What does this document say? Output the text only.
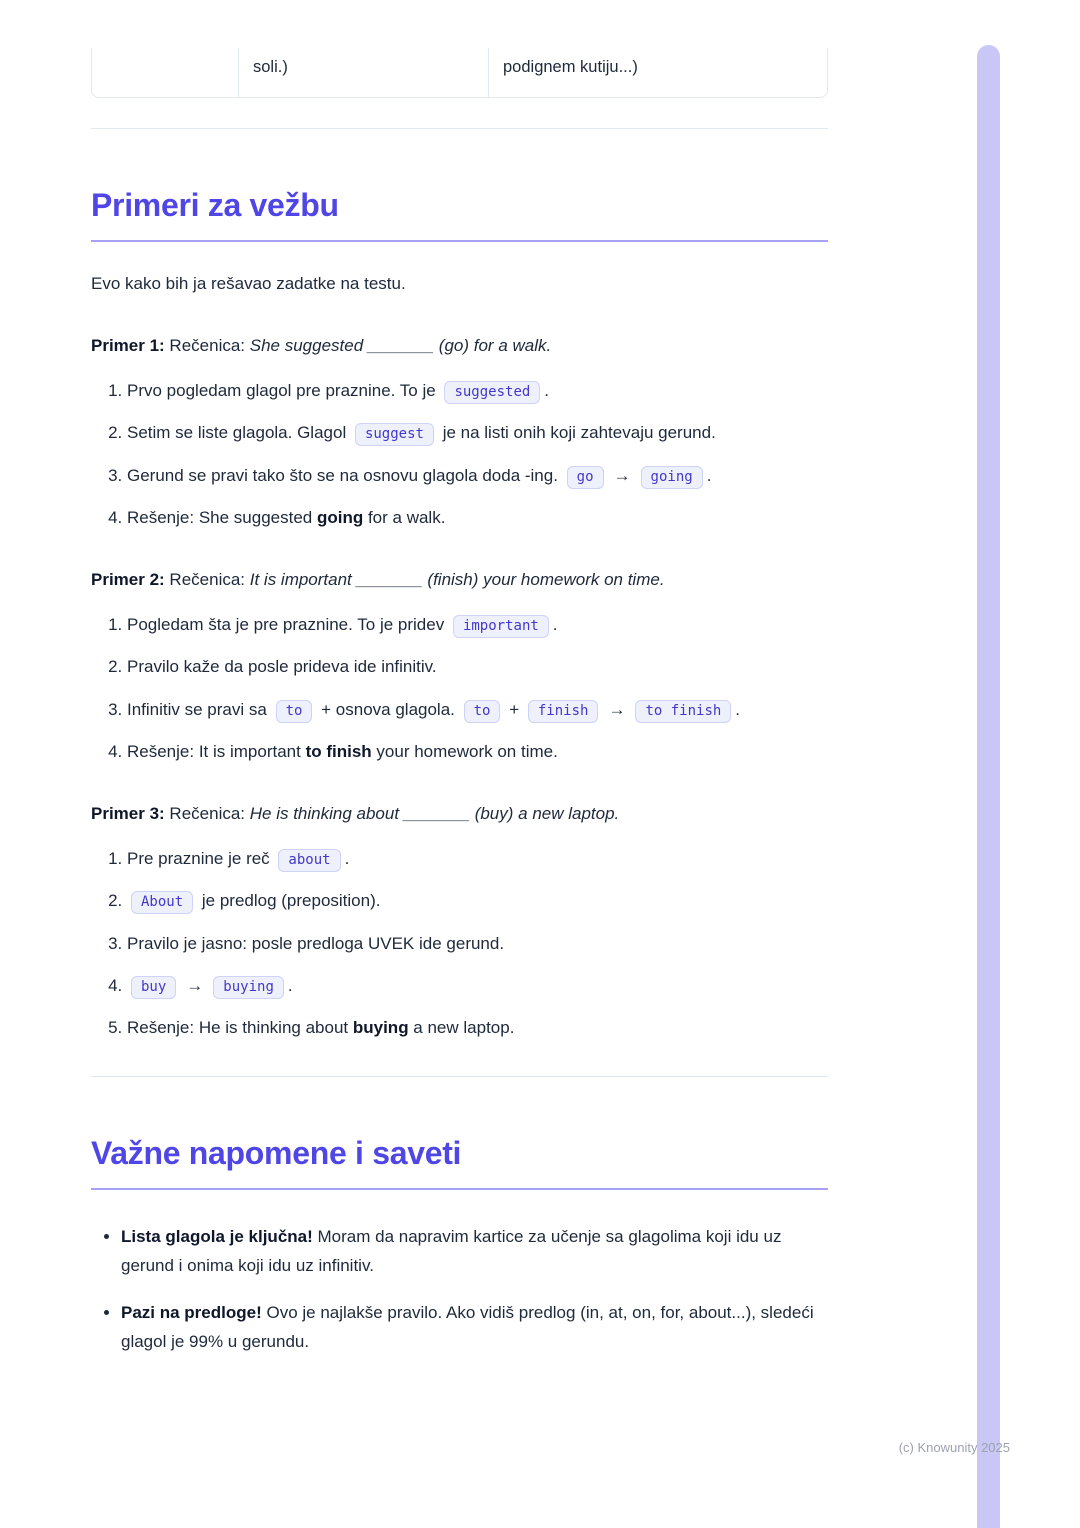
soli.)	podignem kutiju...)
Primeri za vežbu

Evo kako bih ja rešavao zadatke na testu.

Primer 1: Rečenica: She suggested _______ (go) for a walk.

1. Prvo pogledam glagol pre praznine. To je suggested .
2. Setim se liste glagola. Glagol suggest je na listi onih koji zahtevaju gerund.
3. Gerund se pravi tako što se na osnovu glagola doda -ing. go → going .
4. Rešenje: She suggested going for a walk.

Primer 2: Rečenica: It is important _______ (finish) your homework on time.

1. Pogledam šta je pre praznine. To je pridev important .
2. Pravilo kaže da posle prideva ide infinitiv.
3. Infinitiv se pravi sa to + osnova glagola. to + finish → to finish .
4. Rešenje: It is important to finish your homework on time.

Primer 3: Rečenica: He is thinking about _______ (buy) a new laptop.

1. Pre praznine je reč about .
2. About je predlog (preposition).
3. Pravilo je jasno: posle predloga UVEK ide gerund.
4. buy → buying .
5. Rešenje: He is thinking about buying a new laptop.
Važne napomene i saveti
• Lista glagola je ključna! Moram da napravim kartice za učenje sa glagolima koji idu uz gerund i onima koji idu uz infinitiv.
• Pazi na predloge! Ovo je najlakše pravilo. Ako vidiš predlog (in, at, on, for, about...), sledeći glagol je 99% u gerundu.
(c) Knowunity 2025
